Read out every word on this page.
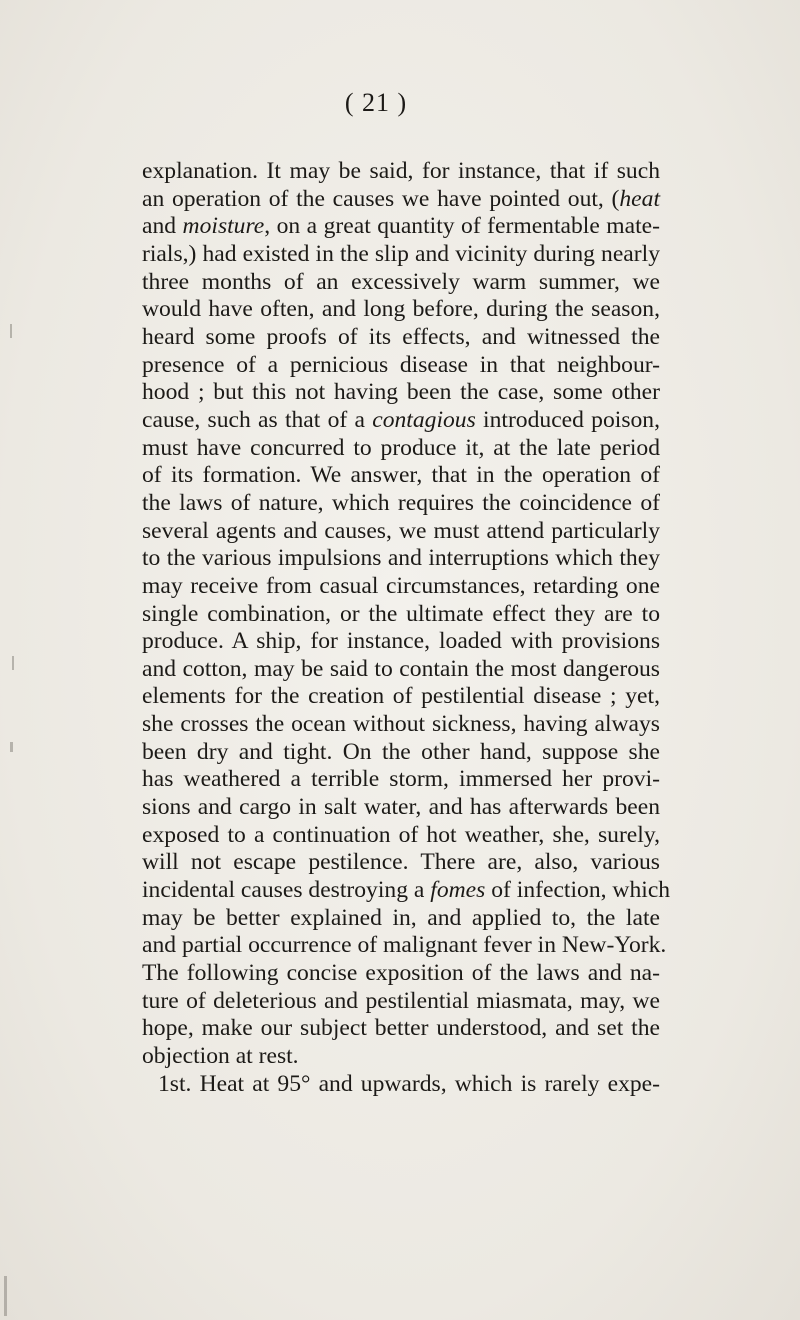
( 21 )
explanation. It may be said, for instance, that if such
an operation of the causes we have pointed out, (heat
and moisture, on a great quantity of fermentable mate-
rials,) had existed in the slip and vicinity during nearly
three months of an excessively warm summer, we
would have often, and long before, during the season,
heard some proofs of its effects, and witnessed the
presence of a pernicious disease in that neighbour-
hood ; but this not having been the case, some other
cause, such as that of a contagious introduced poison,
must have concurred to produce it, at the late period
of its formation. We answer, that in the operation of
the laws of nature, which requires the coincidence of
several agents and causes, we must attend particularly
to the various impulsions and interruptions which they
may receive from casual circumstances, retarding one
single combination, or the ultimate effect they are to
produce. A ship, for instance, loaded with provisions
and cotton, may be said to contain the most dangerous
elements for the creation of pestilential disease ; yet,
she crosses the ocean without sickness, having always
been dry and tight. On the other hand, suppose she
has weathered a terrible storm, immersed her provi-
sions and cargo in salt water, and has afterwards been
exposed to a continuation of hot weather, she, surely,
will not escape pestilence. There are, also, various
incidental causes destroying a fomes of infection, which
may be better explained in, and applied to, the late
and partial occurrence of malignant fever in New-York.
The following concise exposition of the laws and na-
ture of deleterious and pestilential miasmata, may, we
hope, make our subject better understood, and set the
objection at rest.
1st. Heat at 95° and upwards, which is rarely expe-
